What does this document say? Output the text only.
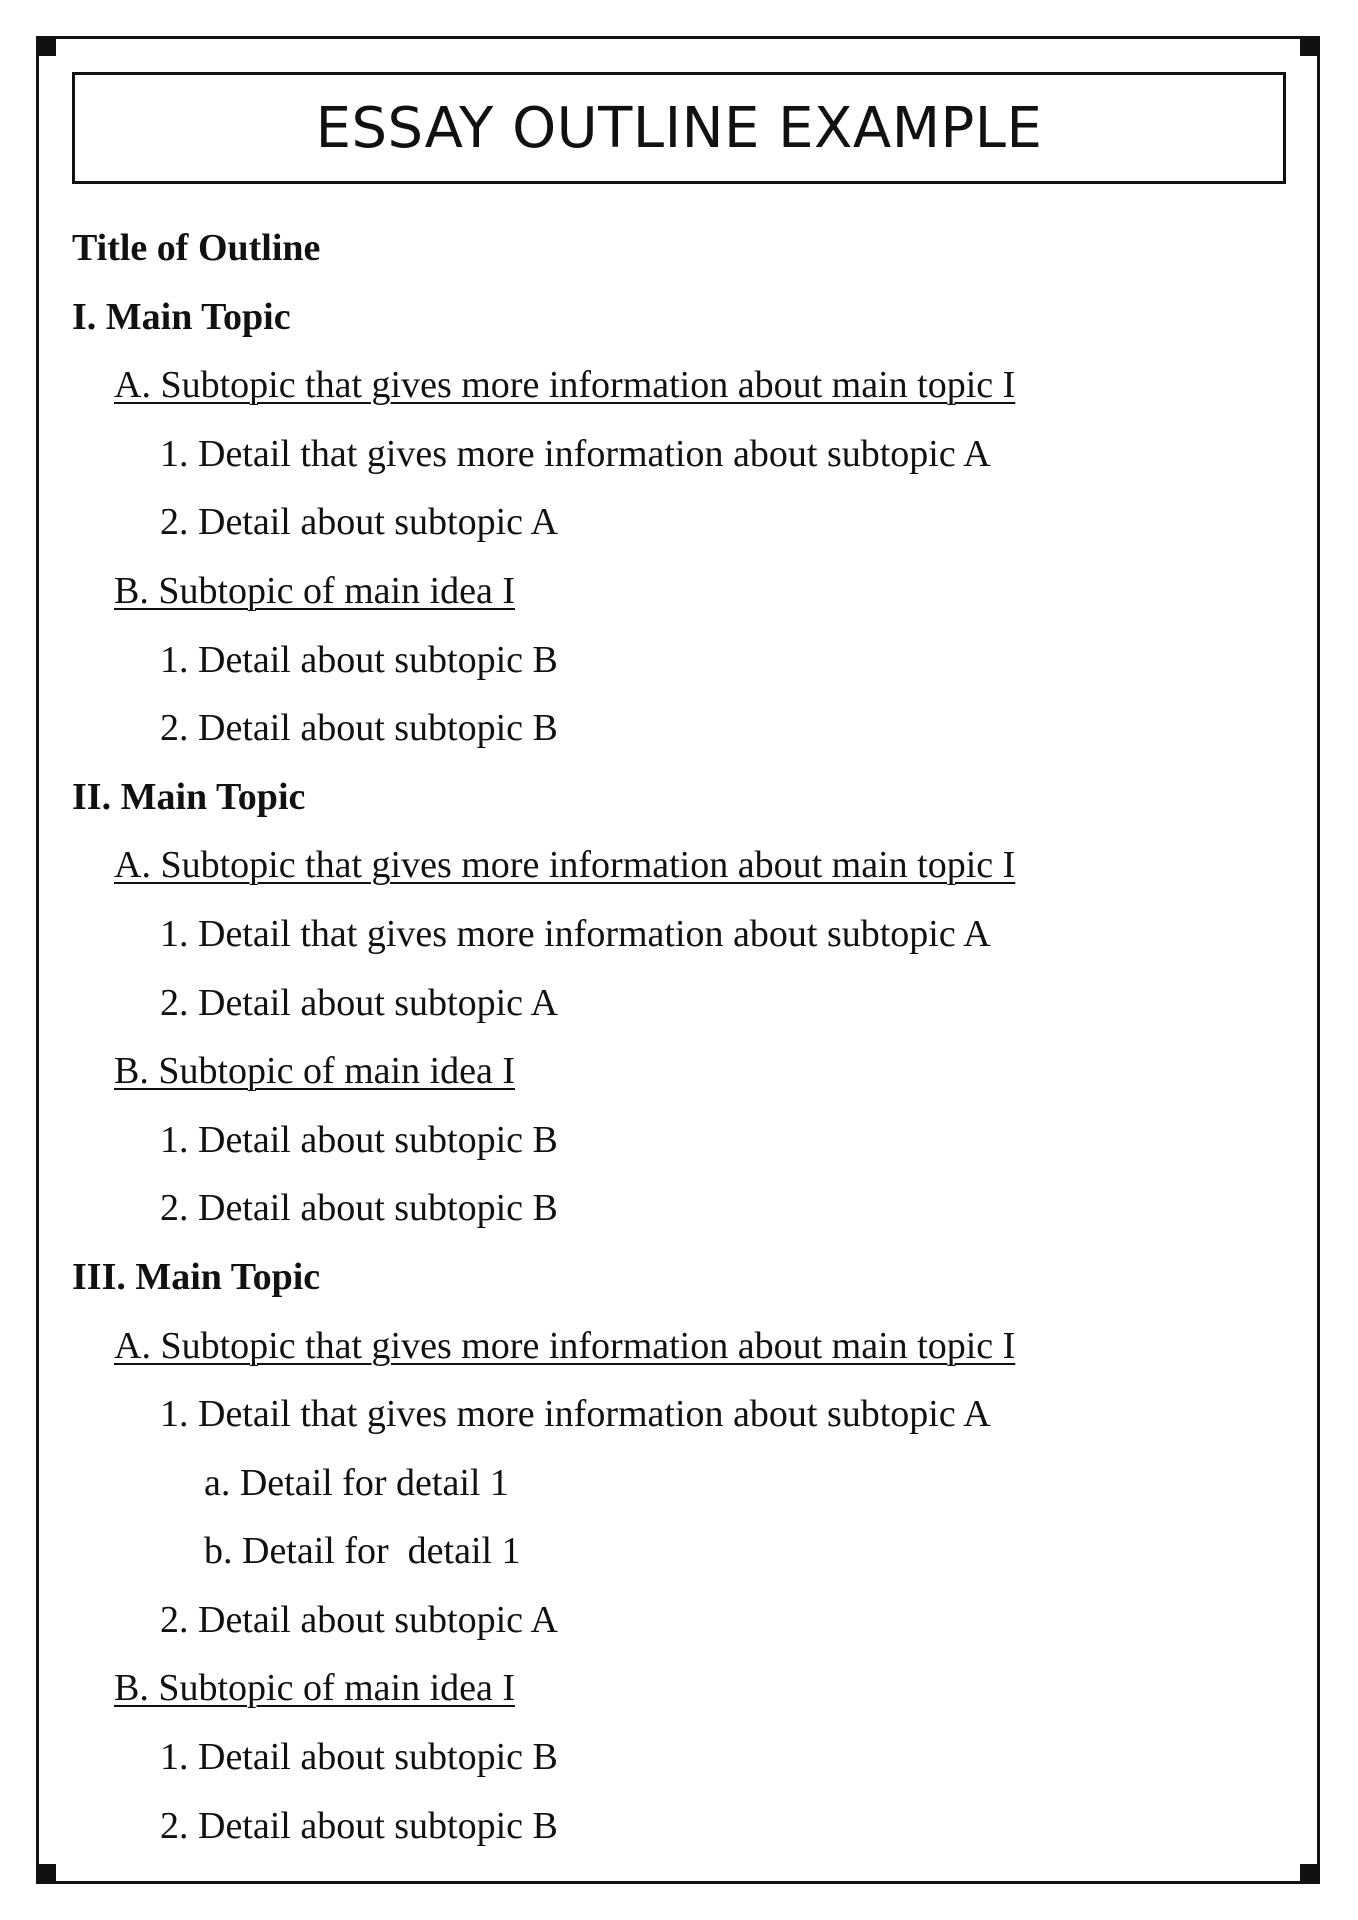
ESSAY OUTLINE EXAMPLE
Title of Outline
I. Main Topic
A. Subtopic that gives more information about main topic I
1. Detail that gives more information about subtopic A
2. Detail about subtopic A
B. Subtopic of main idea I
1. Detail about subtopic B
2. Detail about subtopic B
II. Main Topic
A. Subtopic that gives more information about main topic I
1. Detail that gives more information about subtopic A
2. Detail about subtopic A
B. Subtopic of main idea I
1. Detail about subtopic B
2. Detail about subtopic B
III. Main Topic
A. Subtopic that gives more information about main topic I
1. Detail that gives more information about subtopic A
a. Detail for detail 1
b. Detail for  detail 1
2. Detail about subtopic A
B. Subtopic of main idea I
1. Detail about subtopic B
2. Detail about subtopic B
